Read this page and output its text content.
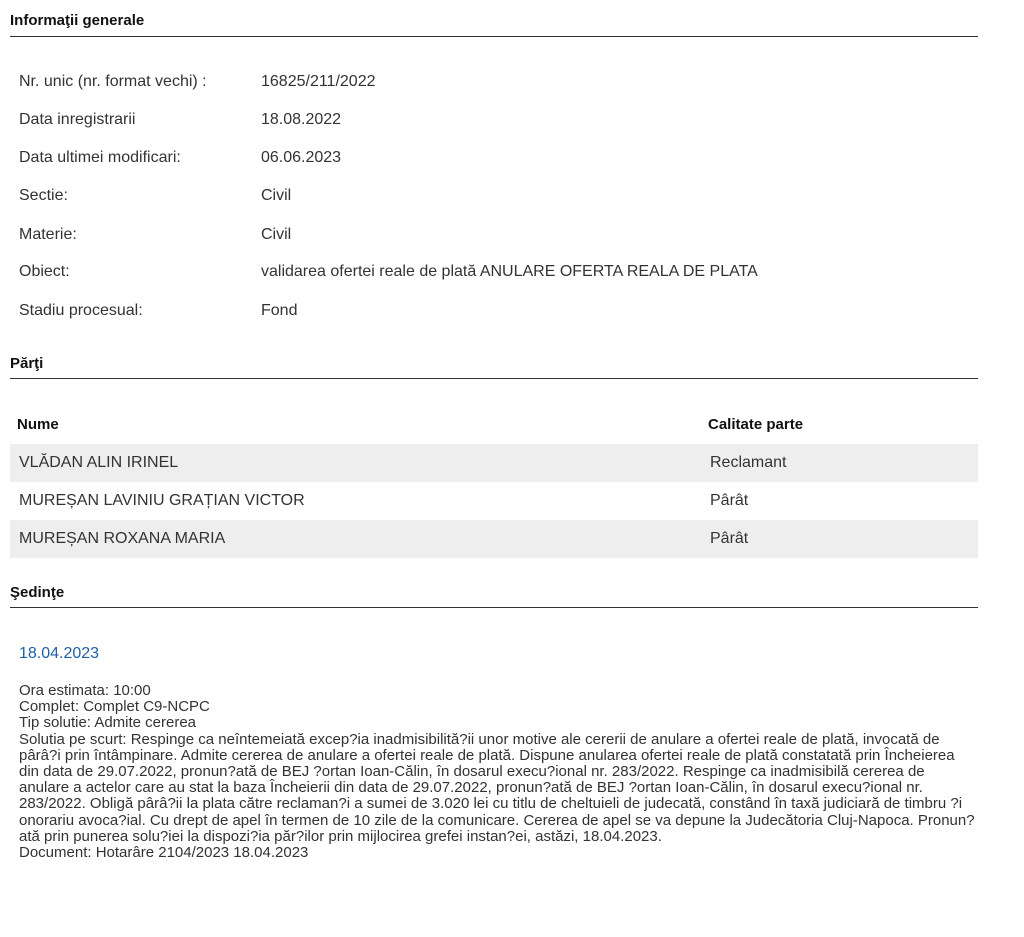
Informaţii generale
Nr. unic (nr. format vechi) :	16825/211/2022
Data inregistrarii	18.08.2022
Data ultimei modificari:	06.06.2023
Sectie:	Civil
Materie:	Civil
Obiect:	validarea ofertei reale de plată ANULARE OFERTA REALA DE PLATA
Stadiu procesual:	Fond
Părţi
Nume	Calitate parte
VLĂDAN ALIN IRINEL	Reclamant
MUREȘAN LAVINIU GRAȚIAN VICTOR	Pârât
MUREȘAN ROXANA MARIA	Pârât
Şedinţe
18.04.2023
Ora estimata: 10:00
Complet: Complet C9-NCPC
Tip solutie: Admite cererea
Solutia pe scurt: Respinge ca neîntemeiată excep?ia inadmisibilită?ii unor motive ale cererii de anulare a ofertei reale de plată, invocată de pârâ?i prin întâmpinare. Admite cererea de anulare a ofertei reale de plată. Dispune anularea ofertei reale de plată constatată prin Încheierea din data de 29.07.2022, pronun?ată de BEJ ?ortan Ioan-Călin, în dosarul execu?ional nr. 283/2022. Respinge ca inadmisibilă cererea de anulare a actelor care au stat la baza Încheierii din data de 29.07.2022, pronun?ată de BEJ ?ortan Ioan-Călin, în dosarul execu?ional nr. 283/2022. Obligă pârâ?ii la plata către reclaman?i a sumei de 3.020 lei cu titlu de cheltuieli de judecată, constând în taxă judiciară de timbru ?i onorariu avoca?ial. Cu drept de apel în termen de 10 zile de la comunicare. Cererea de apel se va depune la Judecătoria Cluj-Napoca. Pronun?ată prin punerea solu?iei la dispozi?ia păr?ilor prin mijlocirea grefei instan?ei, astăzi, 18.04.2023.
Document: Hotarâre 2104/2023 18.04.2023
